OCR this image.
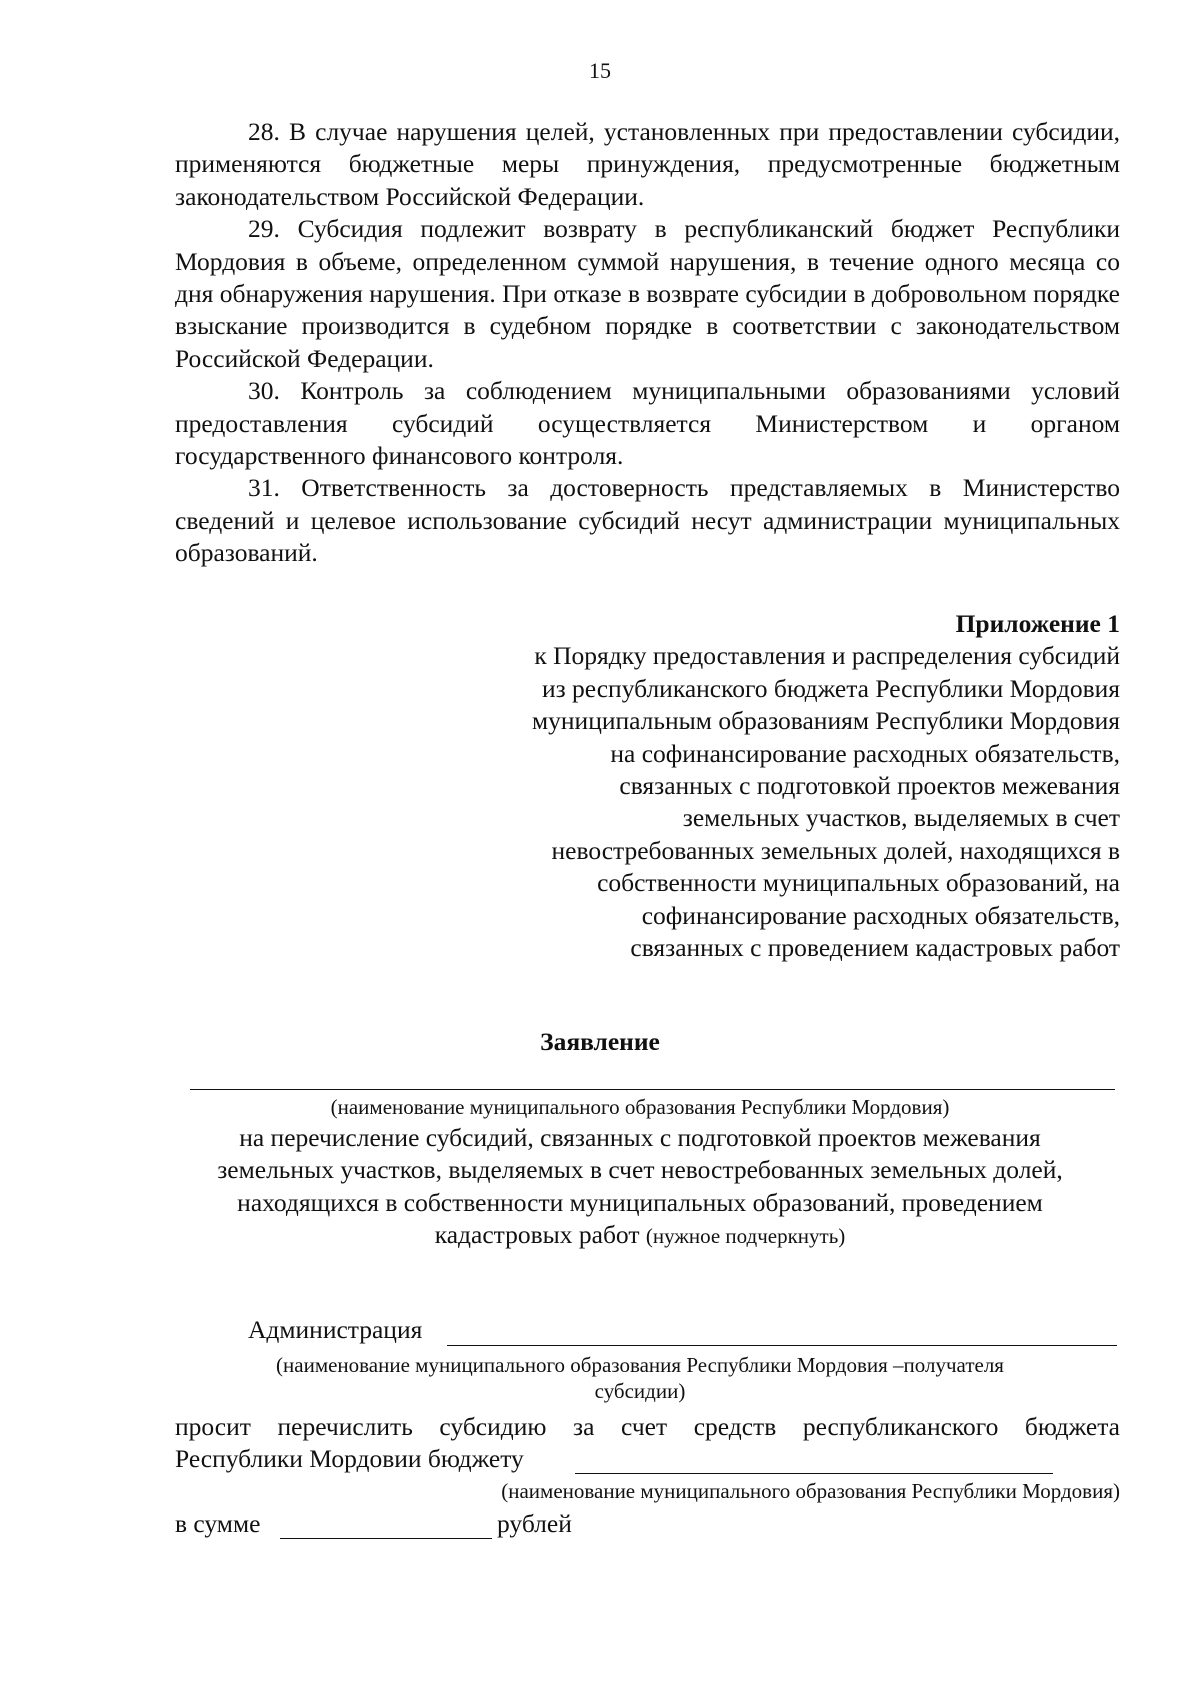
15

28. В случае нарушения целей, установленных при предоставлении субсидии, применяются бюджетные меры принуждения, предусмотренные бюджетным законодательством Российской Федерации.

29. Субсидия подлежит возврату в республиканский бюджет Республики Мордовия в объеме, определенном суммой нарушения, в течение одного месяца со дня обнаружения нарушения. При отказе в возврате субсидии в добровольном порядке взыскание производится в судебном порядке в соответствии с законодательством Российской Федерации.

30. Контроль за соблюдением муниципальными образованиями условий предоставления субсидий осуществляется Министерством и органом государственного финансового контроля.

31. Ответственность за достоверность представляемых в Министерство сведений и целевое использование субсидий несут администрации муниципальных образований.

Приложение 1
к Порядку предоставления и распределения субсидий
из республиканского бюджета Республики Мордовия
муниципальным образованиям Республики Мордовия
на софинансирование расходных обязательств,
связанных с подготовкой проектов межевания
земельных участков, выделяемых в счет
невостребованных земельных долей, находящихся в
собственности муниципальных образований, на
софинансирование расходных обязательств,
связанных с проведением кадастровых работ
Заявление
(наименование муниципального образования Республики Мордовия)
на перечисление субсидий, связанных с подготовкой проектов межевания
земельных участков, выделяемых в счет невостребованных земельных долей,
находящихся в собственности муниципальных образований, проведением
кадастровых работ (нужное подчеркнуть)
Администрация
(наименование муниципального образования Республики Мордовия –получателя
субсидии)
просит перечислить субсидию за счет средств республиканского бюджета
Республики Мордовии бюджету
(наименование муниципального образования Республики Мордовия)
в сумме	рублей
